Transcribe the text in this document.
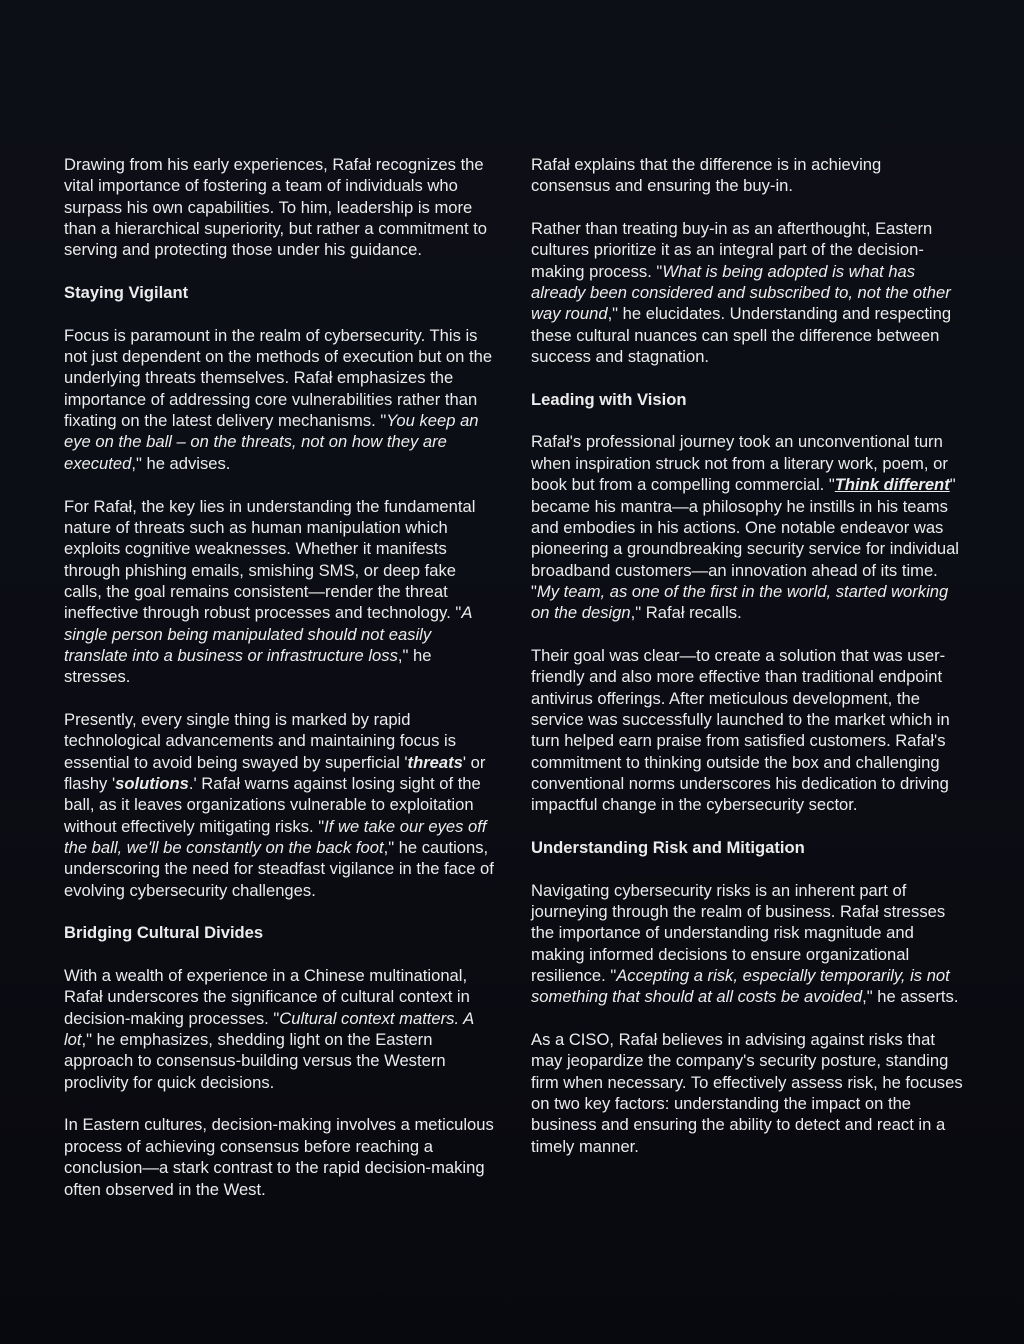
Drawing from his early experiences, Rafał recognizes the vital importance of fostering a team of individuals who surpass his own capabilities. To him, leadership is more than a hierarchical superiority, but rather a commitment to serving and protecting those under his guidance.

Staying Vigilant

Focus is paramount in the realm of cybersecurity. This is not just dependent on the methods of execution but on the underlying threats themselves. Rafał emphasizes the importance of addressing core vulnerabilities rather than fixating on the latest delivery mechanisms. "You keep an eye on the ball – on the threats, not on how they are executed," he advises.

For Rafał, the key lies in understanding the fundamental nature of threats such as human manipulation which exploits cognitive weaknesses. Whether it manifests through phishing emails, smishing SMS, or deep fake calls, the goal remains consistent—render the threat ineffective through robust processes and technology. "A single person being manipulated should not easily translate into a business or infrastructure loss," he stresses.

Presently, every single thing is marked by rapid technological advancements and maintaining focus is essential to avoid being swayed by superficial 'threats' or flashy 'solutions.' Rafał warns against losing sight of the ball, as it leaves organizations vulnerable to exploitation without effectively mitigating risks. "If we take our eyes off the ball, we'll be constantly on the back foot," he cautions, underscoring the need for steadfast vigilance in the face of evolving cybersecurity challenges.

Bridging Cultural Divides

With a wealth of experience in a Chinese multinational, Rafał underscores the significance of cultural context in decision-making processes. "Cultural context matters. A lot," he emphasizes, shedding light on the Eastern approach to consensus-building versus the Western proclivity for quick decisions.

In Eastern cultures, decision-making involves a meticulous process of achieving consensus before reaching a conclusion—a stark contrast to the rapid decision-making often observed in the West.

Rafał explains that the difference is in achieving consensus and ensuring the buy-in.

Rather than treating buy-in as an afterthought, Eastern cultures prioritize it as an integral part of the decision-making process. "What is being adopted is what has already been considered and subscribed to, not the other way round," he elucidates. Understanding and respecting these cultural nuances can spell the difference between success and stagnation.

Leading with Vision

Rafał's professional journey took an unconventional turn when inspiration struck not from a literary work, poem, or book but from a compelling commercial. "Think different" became his mantra—a philosophy he instills in his teams and embodies in his actions. One notable endeavor was pioneering a groundbreaking security service for individual broadband customers—an innovation ahead of its time. "My team, as one of the first in the world, started working on the design," Rafał recalls.

Their goal was clear—to create a solution that was user-friendly and also more effective than traditional endpoint antivirus offerings. After meticulous development, the service was successfully launched to the market which in turn helped earn praise from satisfied customers. Rafał's commitment to thinking outside the box and challenging conventional norms underscores his dedication to driving impactful change in the cybersecurity sector.

Understanding Risk and Mitigation

Navigating cybersecurity risks is an inherent part of journeying through the realm of business. Rafał stresses the importance of understanding risk magnitude and making informed decisions to ensure organizational resilience. "Accepting a risk, especially temporarily, is not something that should at all costs be avoided," he asserts.

As a CISO, Rafał believes in advising against risks that may jeopardize the company's security posture, standing firm when necessary. To effectively assess risk, he focuses on two key factors: understanding the impact on the business and ensuring the ability to detect and react in a timely manner.
